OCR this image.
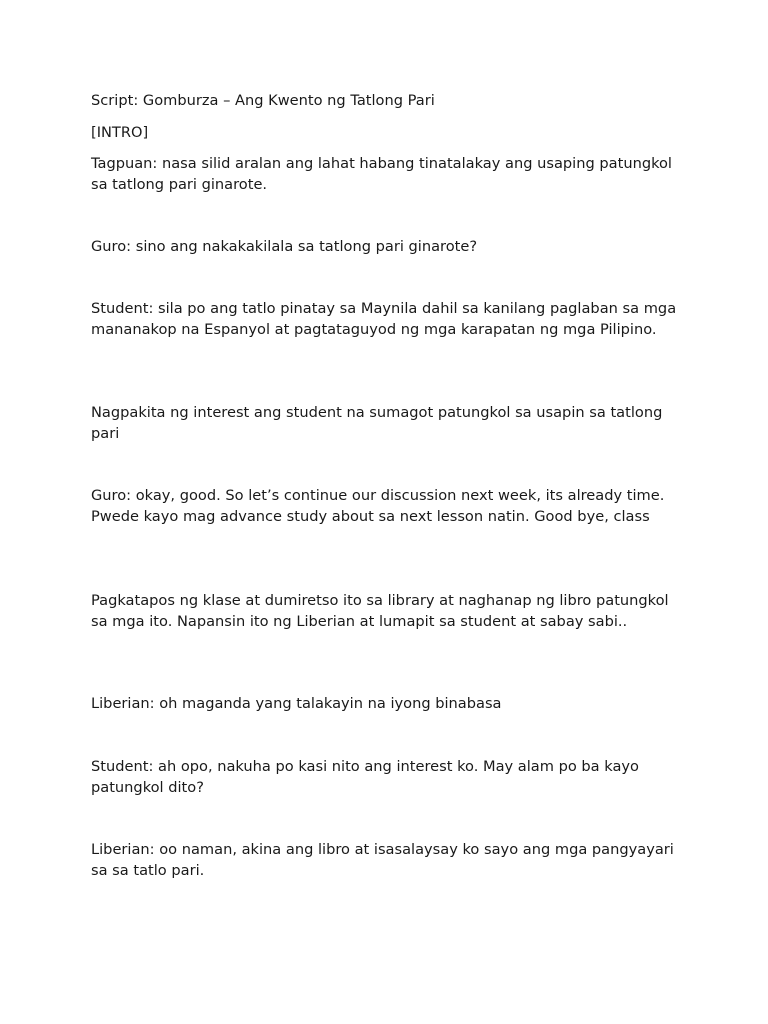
Script: Gomburza – Ang Kwento ng Tatlong Pari

[INTRO]

Tagpuan: nasa silid aralan ang lahat habang tinatalakay ang usaping patungkol sa tatlong pari ginarote.

Guro: sino ang nakakakilala sa tatlong pari ginarote?

Student: sila po ang tatlo pinatay sa Maynila dahil sa kanilang paglaban sa mga mananakop na Espanyol at pagtataguyod ng mga karapatan ng mga Pilipino.

Nagpakita ng interest ang student na sumagot patungkol sa usapin sa tatlong pari

Guro: okay, good. So let’s continue our discussion next week, its already time. Pwede kayo mag advance study about sa next lesson natin. Good bye, class

Pagkatapos ng klase at dumiretso ito sa library at naghanap ng libro patungkol sa mga ito. Napansin ito ng Liberian at lumapit sa student at sabay sabi..

Liberian: oh maganda yang talakayin na iyong binabasa

Student: ah opo, nakuha po kasi nito ang interest ko. May alam po ba kayo patungkol dito?

Liberian: oo naman, akina ang libro at isasalaysay ko sayo ang mga pangyayari sa sa tatlo pari.
